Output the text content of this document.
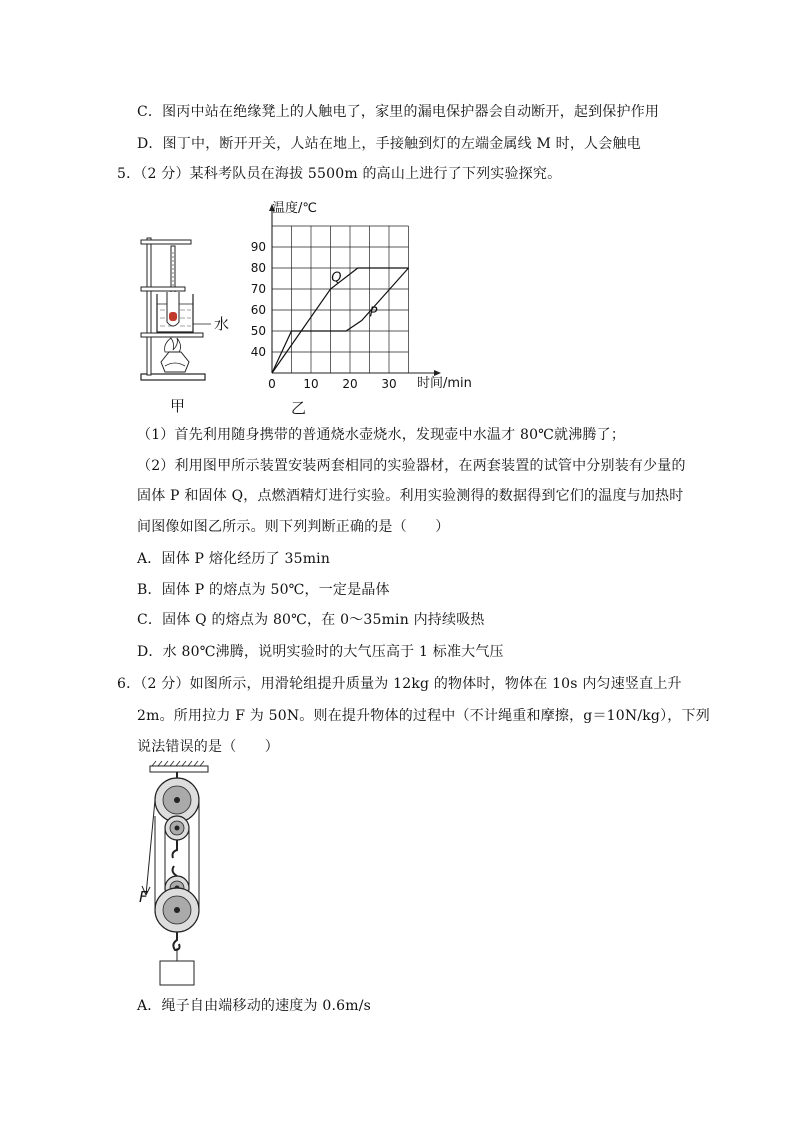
C．图丙中站在绝缘凳上的人触电了，家里的漏电保护器会自动断开，起到保护作用
D．图丁中，断开开关，人站在地上，手接触到灯的左端金属线 M 时，人会触电
5．（2 分）某科考队员在海拔 5500m 的高山上进行了下列实验探究。
水
甲
0 10 20 30
40
50
60
70
80
90
Q
P
温度/℃
时间/min
乙
（1）首先利用随身携带的普通烧水壶烧水，发现壶中水温才 80℃就沸腾了；
（2）利用图甲所示装置安装两套相同的实验器材，在两套装置的试管中分别装有少量的
固体 P 和固体 Q，点燃酒精灯进行实验。利用实验测得的数据得到它们的温度与加热时
间图像如图乙所示。则下列判断正确的是（　　）
A．固体 P 熔化经历了 35min
B．固体 P 的熔点为 50℃，一定是晶体
C．固体 Q 的熔点为 80℃，在 0～35min 内持续吸热
D．水 80℃沸腾，说明实验时的大气压高于 1 标准大气压
6．（2 分）如图所示，用滑轮组提升质量为 12kg 的物体时，物体在 10s 内匀速竖直上升
2m。所用拉力 F 为 50N。则在提升物体的过程中（不计绳重和摩擦，g＝10N/kg），下列
说法错误的是（　　）
F
A．绳子自由端移动的速度为 0.6m/s
